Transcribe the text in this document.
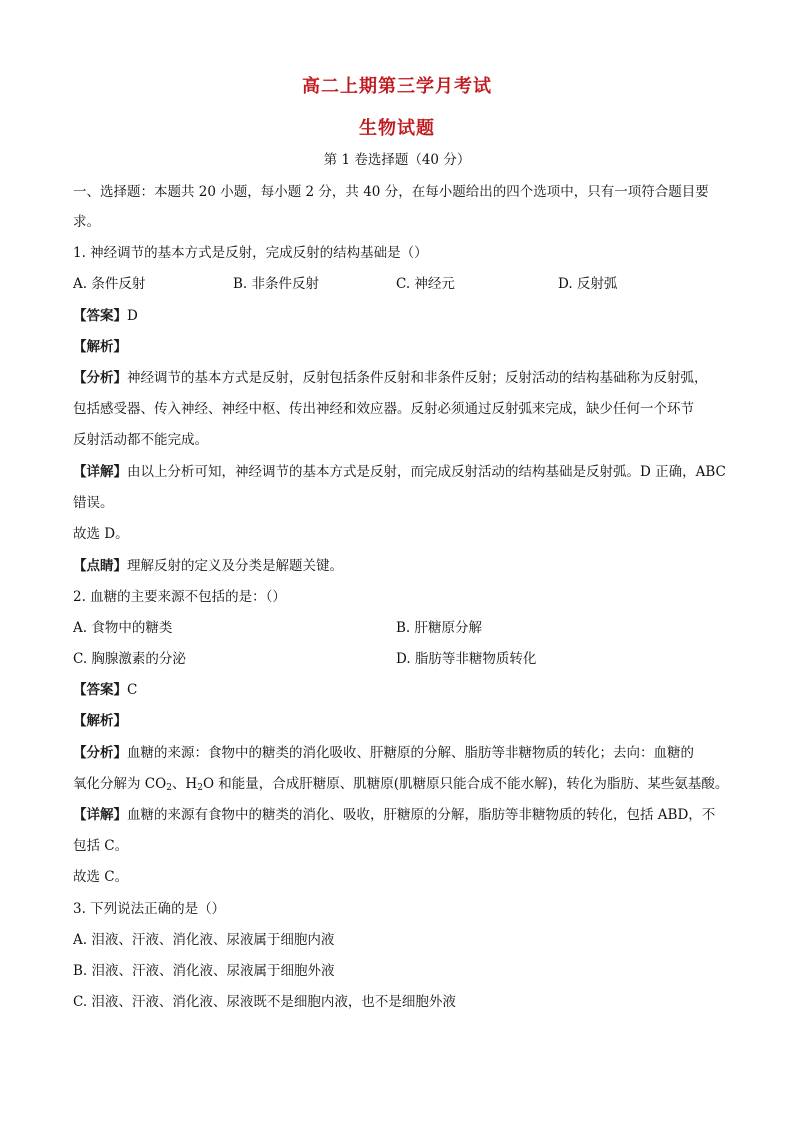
高二上期第三学月考试
生物试题
第 1 卷选择题（40 分）
一、选择题：本题共 20 小题，每小题 2 分，共 40 分，在每小题给出的四个选项中，只有一项符合题目要
求。
1. 神经调节的基本方式是反射，完成反射的结构基础是（）
A. 条件反射	B. 非条件反射	C. 神经元	D. 反射弧
【答案】D
【解析】
【分析】神经调节的基本方式是反射，反射包括条件反射和非条件反射；反射活动的结构基础称为反射弧，
包括感受器、传入神经、神经中枢、传出神经和效应器。反射必须通过反射弧来完成，缺少任何一个环节
反射活动都不能完成。
【详解】由以上分析可知，神经调节的基本方式是反射，而完成反射活动的结构基础是反射弧。D 正确，ABC
错误。
故选 D。
【点睛】理解反射的定义及分类是解题关键。
2. 血糖的主要来源不包括的是：（）
A. 食物中的糖类	B. 肝糖原分解
C. 胸腺激素的分泌	D. 脂肪等非糖物质转化
【答案】C
【解析】
【分析】血糖的来源：食物中的糖类的消化吸收、肝糖原的分解、脂肪等非糖物质的转化；去向：血糖的
氧化分解为 $CO_2$、$H_2O$ 和能量，合成肝糖原、肌糖原(肌糖原只能合成不能水解)，转化为脂肪、某些氨基酸。
【详解】血糖的来源有食物中的糖类的消化、吸收，肝糖原的分解，脂肪等非糖物质的转化，包括 ABD，不
包括 C。
故选 C。
3. 下列说法正确的是（）
A. 泪液、汗液、消化液、尿液属于细胞内液
B. 泪液、汗液、消化液、尿液属于细胞外液
C. 泪液、汗液、消化液、尿液既不是细胞内液，也不是细胞外液
